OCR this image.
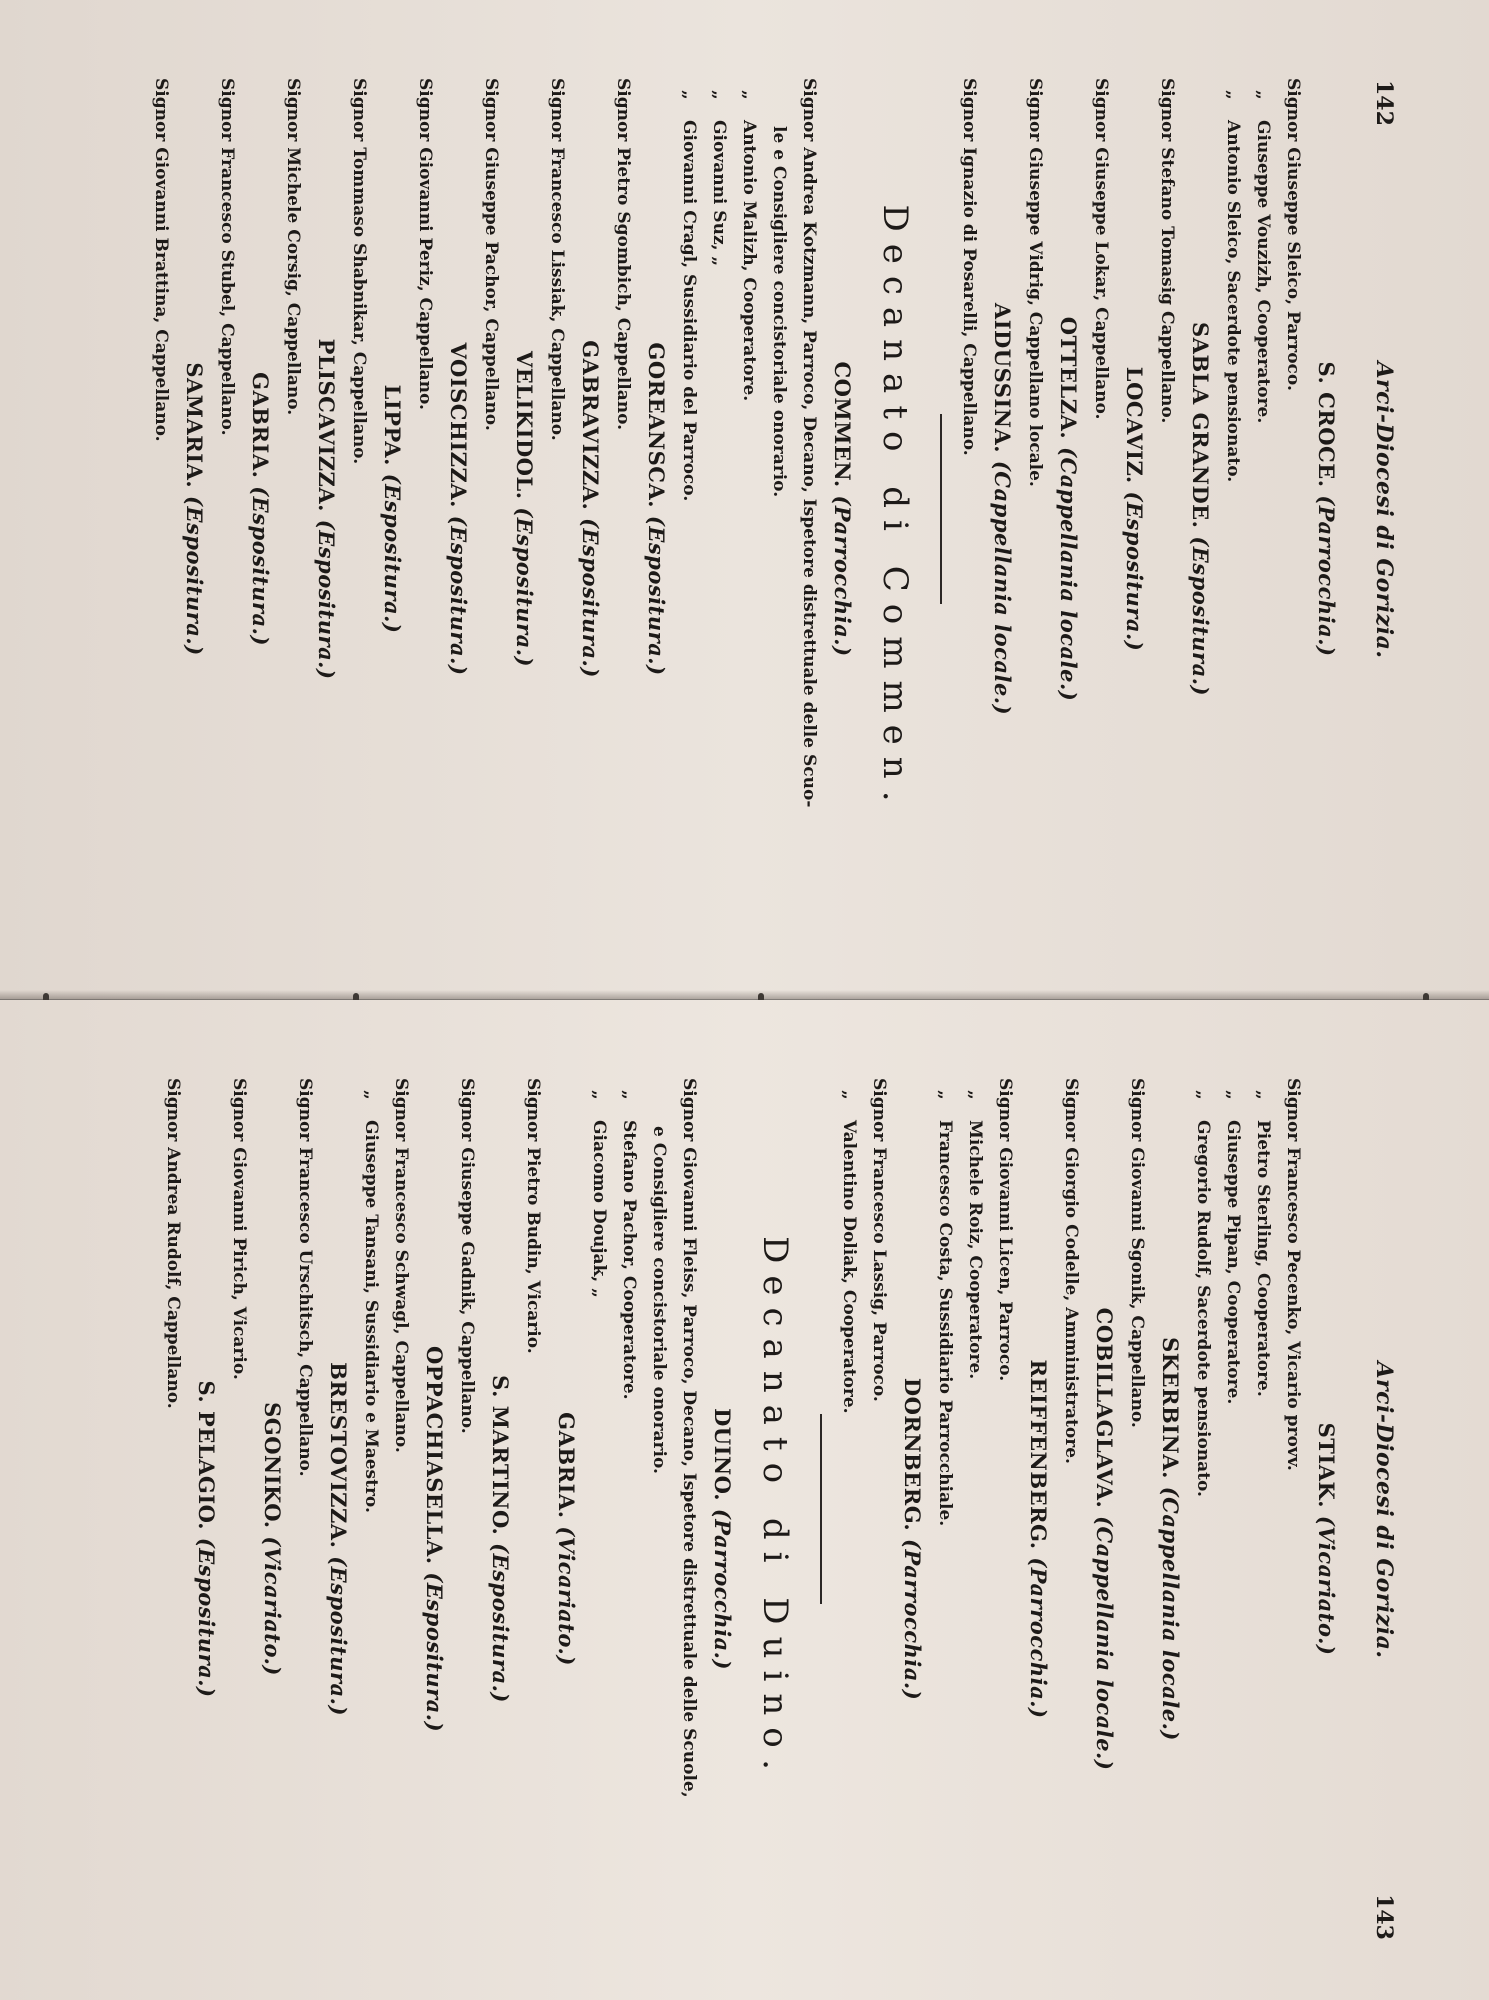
142
Arci-Diocesi di Gorizia.
S. CROCE. (Parrocchia.)
Signor Giuseppe Sleico, Parroco.
„Giuseppe Vouzizh, Cooperatore.
„Antonio Sleico, Sacerdote pensionato.
SABLA GRANDE. (Espositura.)
Signor Stefano Tomasig Cappellano.
LOCAVIZ. (Espositura.)
Signor Giuseppe Lokar, Cappellano.
OTTELZA. (Cappellania locale.)
Signor Giuseppe Vidrig, Cappellano locale.
AIDUSSINA. (Cappellania locale.)
Signor Ignazio di Posarelli, Cappellano.
Decanato di Commen.
COMMEN. (Parrocchia.)
Signor Andrea Kotzmann, Parroco, Decano, Ispetore distrettuale delle Scuo-
le e Consigliere concistoriale onorario.
„Antonio Malizh, Cooperatore.
„Giovanni Suz, „
„Giovanni Cragl, Sussidiario del Parroco.
GOREANSCA. (Espositura.)
Signor Pietro Sgombich, Cappellano.
GABRAVIZZA. (Espositura.)
Signor Francesco Lissiak, Cappellano.
VELIKIDOL. (Espositura.)
Signor Giuseppe Pachor, Cappellano.
VOISCHIZZA. (Espositura.)
Signor Giovanni Periz, Cappellano.
LIPPA. (Espositura.)
Signor Tommaso Shabnikar, Cappellano.
PLISCAVIZZA. (Espositura.)
Signor Michele Corsig, Cappellano.
GABRIA. (Espositura.)
Signor Francesco Stubel, Cappellano.
SAMARIA. (Espositura.)
Signor Giovanni Brattina, Cappellano.
143
Arci-Diocesi di Gorizia.
STIAK. (Vicariato.)
Signor Francesco Pecenko, Vicario provv.
„Pietro Sterling, Cooperatore.
„Giuseppe Pipan, Cooperatore.
„Gregorio Rudolf, Sacerdote pensionato.
SKERBINA. (Cappellania locale.)
Signor Giovanni Sgonik, Cappellano.
COBILLAGLAVA. (Cappellania locale.)
Signor Giorgio Codelle, Amministratore.
REIFFENBERG. (Parrocchia.)
Signor Giovanni Licen, Parroco.
„Michele Roiz, Cooperatore.
„Francesco Costa, Sussidiario Parrocchiale.
DORNBERG. (Parrocchia.)
Signor Francesco Lassig, Parroco.
„Valentino Doliak, Cooperatore.
Decanato di Duino.
DUINO. (Parrocchia.)
Signor Giovanni Fleiss, Parroco, Decano, Ispetore distrettuale delle Scuole,
e Consigliere concistoriale onorario.
„Stefano Pachor, Cooperatore.
„Giacomo Doujak, „
GABRIA. (Vicariato.)
Signor Pietro Budin, Vicario.
S. MARTINO. (Espositura.)
Signor Giuseppe Gadnik, Cappellano.
OPPACHIASELLA. (Espositura.)
Signor Francesco Schwagl, Cappellano.
„Giuseppe Tansani, Sussidiario e Maestro.
BRESTOVIZZA. (Espositura.)
Signor Francesco Urschitsch, Cappellano.
SGONIKO. (Vicariato.)
Signor Giovanni Pirich, Vicario.
S. PELAGIO. (Espositura.)
Signor Andrea Rudolf, Cappellano.
